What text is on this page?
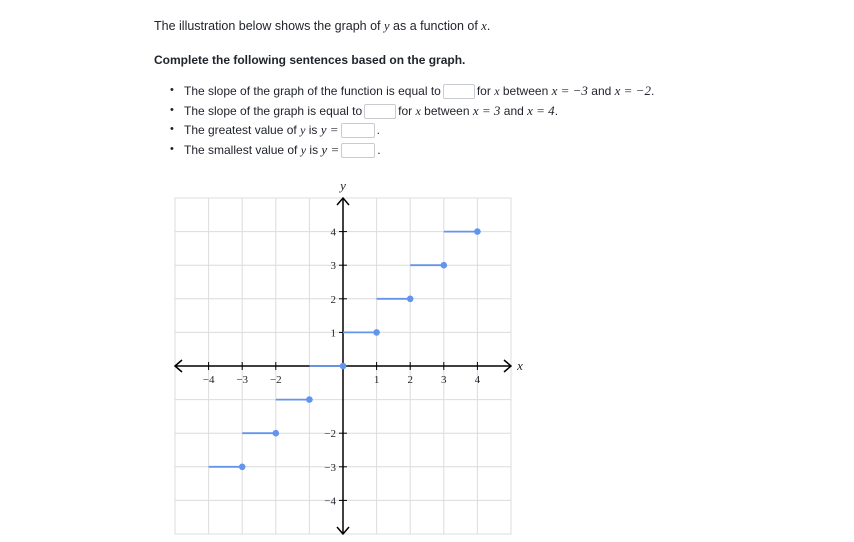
The illustration below shows the graph of y as a function of x.
Complete the following sentences based on the graph.
• The slope of the graph of the function is equal to	for x between x = −3 and x = −2.
• The slope of the graph is equal to	for x between x = 3 and x = 4.
• The greatest value of y is y =	.
• The smallest value of y is y =	.
−4 −3 −2	1	2	3	4
4
3
2
1
−2
−3
−4
x
y
